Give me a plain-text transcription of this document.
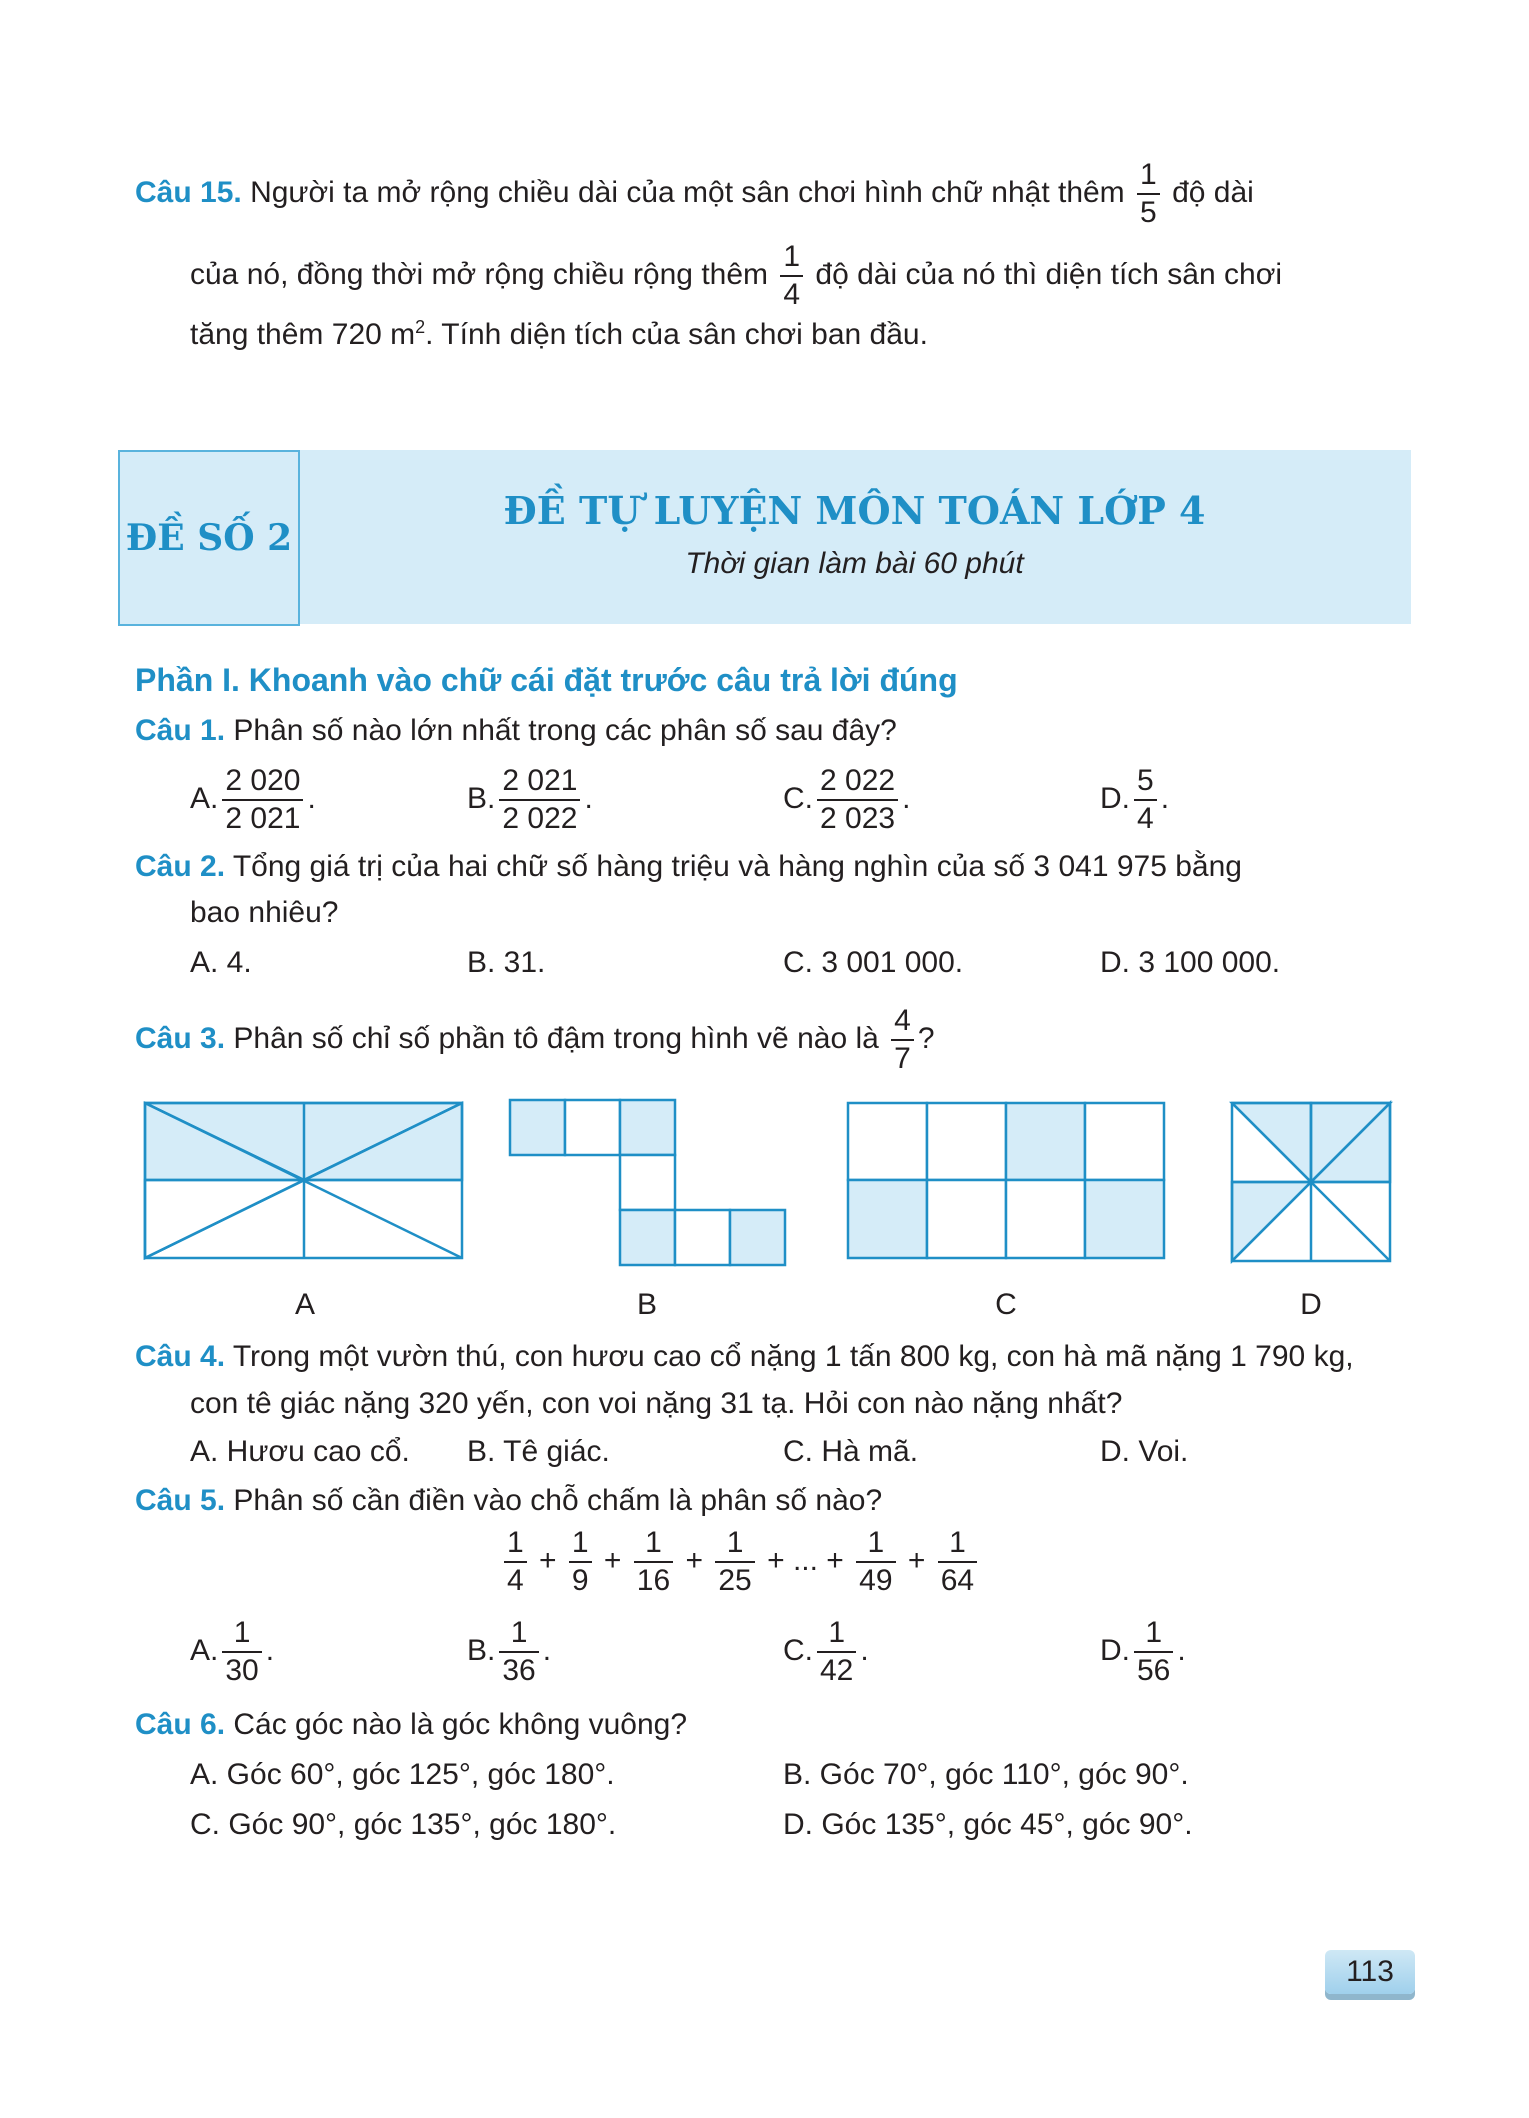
Câu 15. Người ta mở rộng chiều dài của một sân chơi hình chữ nhật thêm $\frac{1}{5}$ độ dài
của nó, đồng thời mở rộng chiều rộng thêm $\frac{1}{4}$ độ dài của nó thì diện tích sân chơi
tăng thêm 720 $m^2$. Tính diện tích của sân chơi ban đầu.
ĐỀ SỐ 2
ĐỀ TỰ LUYỆN MÔN TOÁN LỚP 4
Thời gian làm bài 60 phút
Phần I. Khoanh vào chữ cái đặt trước câu trả lời đúng
Câu 1. Phân số nào lớn nhất trong các phân số sau đây?
A. $\frac{2 020}{2 021}$ .	B. $\frac{2 021}{2 022}$ .	C. $\frac{2 022}{2 023}$ .	D. $\frac{5}{4}$ .
Câu 2. Tổng giá trị của hai chữ số hàng triệu và hàng nghìn của số 3 041 975 bằng
bao nhiêu?
A. 4.	B. 31.	C. 3 001 000.	D. 3 100 000.
Câu 3. Phân số chỉ số phần tô đậm trong hình vẽ nào là $\frac{4}{7}$ ?
A	B	C	D
Câu 4. Trong một vườn thú, con hươu cao cổ nặng 1 tấn 800 kg, con hà mã nặng 1 790 kg,
con tê giác nặng 320 yến, con voi nặng 31 tạ. Hỏi con nào nặng nhất?
A. Hươu cao cổ. B. Tê giác.	C. Hà mã.	D. Voi.
Câu 5. Phân số cần điền vào chỗ chấm là phân số nào?
$\frac{1}{4} + \frac{1}{9} + \frac{1}{16} + \frac{1}{25}$ + ... + $\frac{1}{49} + \frac{1}{64}$
A. $\frac{1}{30}$ .	B. $\frac{1}{36}$ .	C. $\frac{1}{42}$ .	D. $\frac{1}{56}$ .
Câu 6. Các góc nào là góc không vuông?
A. Góc 60°, góc 125°, góc 180°.	B. Góc 70°, góc 110°, góc 90°.
C. Góc 90°, góc 135°, góc 180°.	D. Góc 135°, góc 45°, góc 90°.
113
